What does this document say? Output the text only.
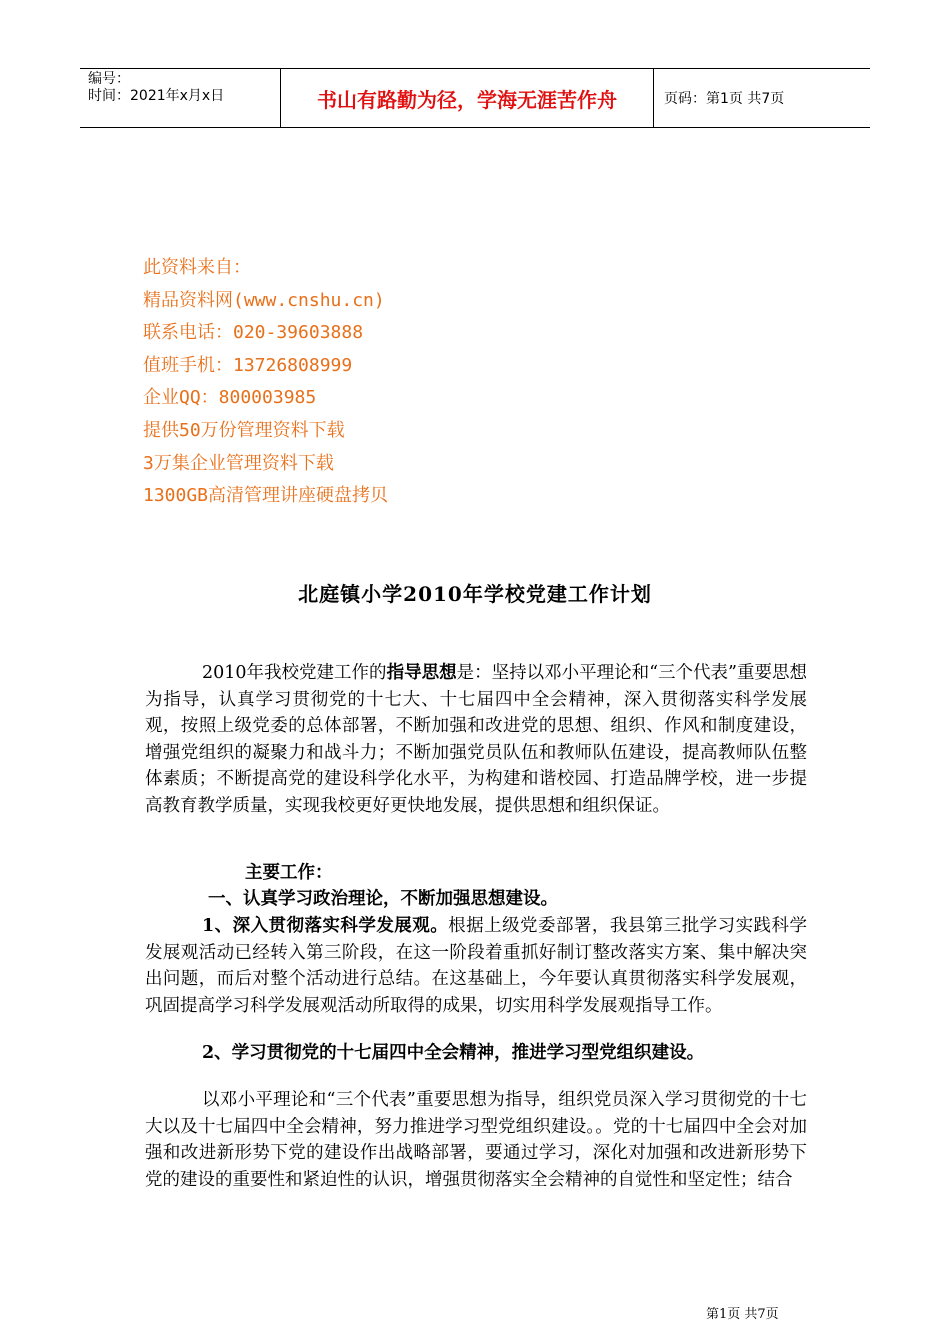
编号：
时间：2021年x月x日	书山有路勤为径，学海无涯苦作舟	页码：第1页 共7页
此资料来自：
精品资料网(www.cnshu.cn)
联系电话：020-39603888
值班手机：13726808999
企业QQ：800003985
提供50万份管理资料下载
3万集企业管理资料下载
1300GB高清管理讲座硬盘拷贝
北庭镇小学2010年学校党建工作计划
2010年我校党建工作的指导思想是：坚持以邓小平理论和“三个代表”重要思想为指导，认真学习贯彻党的十七大、十七届四中全会精神，深入贯彻落实科学发展观，按照上级党委的总体部署，不断加强和改进党的思想、组织、作风和制度建设，增强党组织的凝聚力和战斗力；不断加强党员队伍和教师队伍建设，提高教师队伍整体素质；不断提高党的建设科学化水平，为构建和谐校园、打造品牌学校，进一步提高教育教学质量，实现我校更好更快地发展，提供思想和组织保证。
主要工作：
一、认真学习政治理论，不断加强思想建设。
1、深入贯彻落实科学发展观。根据上级党委部署，我县第三批学习实践科学发展观活动已经转入第三阶段，在这一阶段着重抓好制订整改落实方案、集中解决突出问题，而后对整个活动进行总结。在这基础上，今年要认真贯彻落实科学发展观，巩固提高学习科学发展观活动所取得的成果，切实用科学发展观指导工作。
2、学习贯彻党的十七届四中全会精神，推进学习型党组织建设。
以邓小平理论和“三个代表”重要思想为指导，组织党员深入学习贯彻党的十七大以及十七届四中全会精神，努力推进学习型党组织建设。。党的十七届四中全会对加强和改进新形势下党的建设作出战略部署，要通过学习，深化对加强和改进新形势下党的建设的重要性和紧迫性的认识，增强贯彻落实全会精神的自觉性和坚定性；结合
第1页 共7页
